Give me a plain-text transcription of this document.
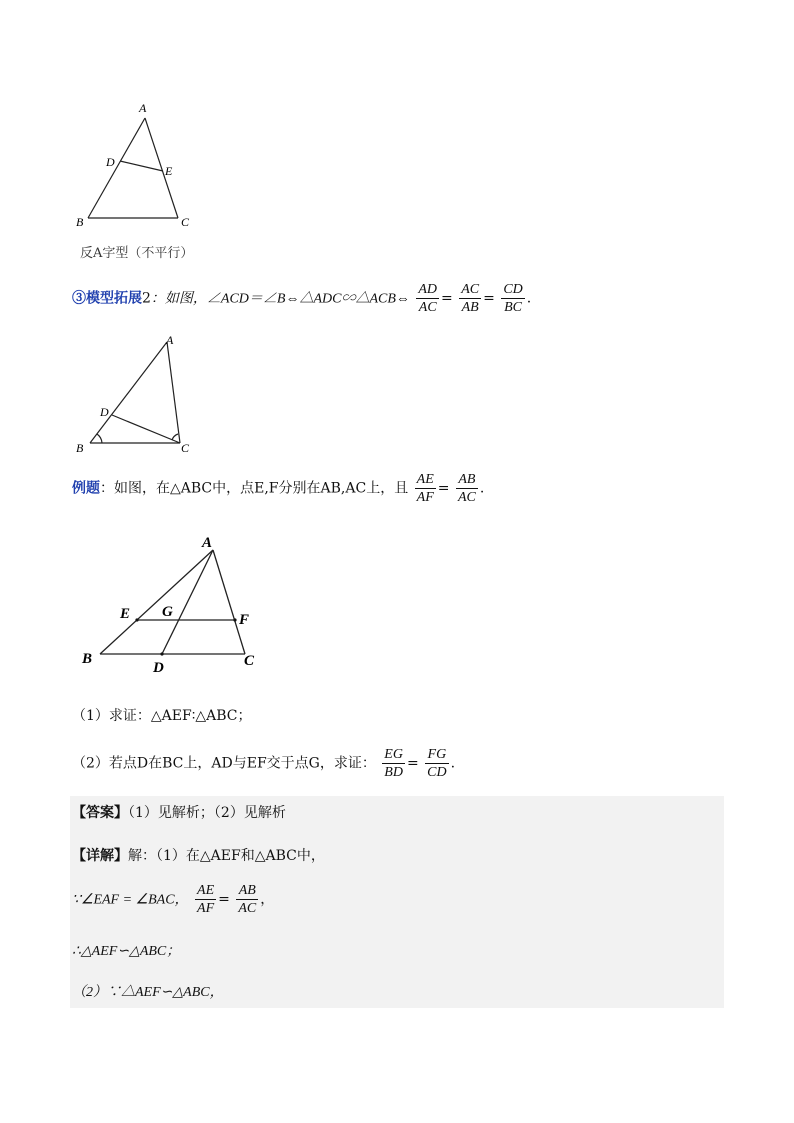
A
D
E
B	C
反A字型（不平行）
③模型拓展2：如图，∠ACD＝∠B⇔△ADC∽△ACB⇔ $\frac{AD}{AC} = \frac{AC}{AB} = \frac{CD}{BC}$ .
A
D
B	C
例题：如图，在△ABC中，点E,F分别在AB,AC上，且 $\frac{AE}{AF} = \frac{AB}{AC}$ .
A
E G	F
B
D	C
（1）求证：△AEF∶△ABC；
（2）若点D在BC上，AD与EF交于点G，求证： $\frac{EG}{BD} = \frac{FG}{CD}$ .
【答案】（1）见解析；（2）见解析
【详解】解：（1）在△AEF和△ABC中，
∵∠EAF = ∠BAC， $\frac{AE}{AF} = \frac{AB}{AC}$ ，
∴△AEF∽△ABC；
（2）∵△AEF∽△ABC，
